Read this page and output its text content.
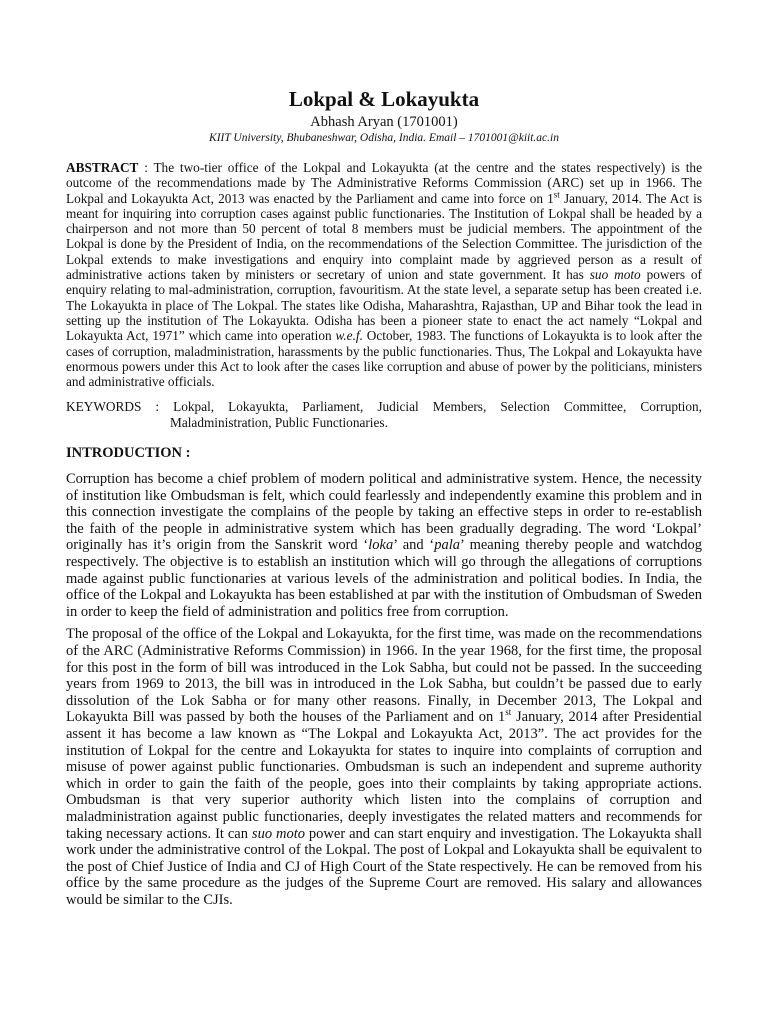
Lokpal & Lokayukta
Abhash Aryan (1701001)
KIIT University, Bhubaneshwar, Odisha, India. Email – 1701001@kiit.ac.in
ABSTRACT : The two-tier office of the Lokpal and Lokayukta (at the centre and the states respectively) is the outcome of the recommendations made by The Administrative Reforms Commission (ARC) set up in 1966. The Lokpal and Lokayukta Act, 2013 was enacted by the Parliament and came into force on 1st January, 2014. The Act is meant for inquiring into corruption cases against public functionaries. The Institution of Lokpal shall be headed by a chairperson and not more than 50 percent of total 8 members must be judicial members. The appointment of the Lokpal is done by the President of India, on the recommendations of the Selection Committee. The jurisdiction of the Lokpal extends to make investigations and enquiry into complaint made by aggrieved person as a result of administrative actions taken by ministers or secretary of union and state government. It has suo moto powers of enquiry relating to mal-administration, corruption, favouritism. At the state level, a separate setup has been created i.e. The Lokayukta in place of The Lokpal. The states like Odisha, Maharashtra, Rajasthan, UP and Bihar took the lead in setting up the institution of The Lokayukta. Odisha has been a pioneer state to enact the act namely “Lokpal and Lokayukta Act, 1971” which came into operation w.e.f. October, 1983. The functions of Lokayukta is to look after the cases of corruption, maladministration, harassments by the public functionaries. Thus, The Lokpal and Lokayukta have enormous powers under this Act to look after the cases like corruption and abuse of power by the politicians, ministers and administrative officials.
KEYWORDS : Lokpal, Lokayukta, Parliament, Judicial Members, Selection Committee, Corruption, Maladministration, Public Functionaries.
INTRODUCTION :
Corruption has become a chief problem of modern political and administrative system. Hence, the necessity of institution like Ombudsman is felt, which could fearlessly and independently examine this problem and in this connection investigate the complains of the people by taking an effective steps in order to re-establish the faith of the people in administrative system which has been gradually degrading. The word ‘Lokpal’ originally has it’s origin from the Sanskrit word ‘loka’ and ‘pala’ meaning thereby people and watchdog respectively. The objective is to establish an institution which will go through the allegations of corruptions made against public functionaries at various levels of the administration and political bodies. In India, the office of the Lokpal and Lokayukta has been established at par with the institution of Ombudsman of Sweden in order to keep the field of administration and politics free from corruption.
The proposal of the office of the Lokpal and Lokayukta, for the first time, was made on the recommendations of the ARC (Administrative Reforms Commission) in 1966. In the year 1968, for the first time, the proposal for this post in the form of bill was introduced in the Lok Sabha, but could not be passed. In the succeeding years from 1969 to 2013, the bill was in introduced in the Lok Sabha, but couldn’t be passed due to early dissolution of the Lok Sabha or for many other reasons. Finally, in December 2013, The Lokpal and Lokayukta Bill was passed by both the houses of the Parliament and on 1st January, 2014 after Presidential assent it has become a law known as “The Lokpal and Lokayukta Act, 2013”. The act provides for the institution of Lokpal for the centre and Lokayukta for states to inquire into complaints of corruption and misuse of power against public functionaries. Ombudsman is such an independent and supreme authority which in order to gain the faith of the people, goes into their complaints by taking appropriate actions. Ombudsman is that very superior authority which listen into the complains of corruption and maladministration against public functionaries, deeply investigates the related matters and recommends for taking necessary actions. It can suo moto power and can start enquiry and investigation. The Lokayukta shall work under the administrative control of the Lokpal. The post of Lokpal and Lokayukta shall be equivalent to the post of Chief Justice of India and CJ of High Court of the State respectively. He can be removed from his office by the same procedure as the judges of the Supreme Court are removed. His salary and allowances would be similar to the CJIs.
